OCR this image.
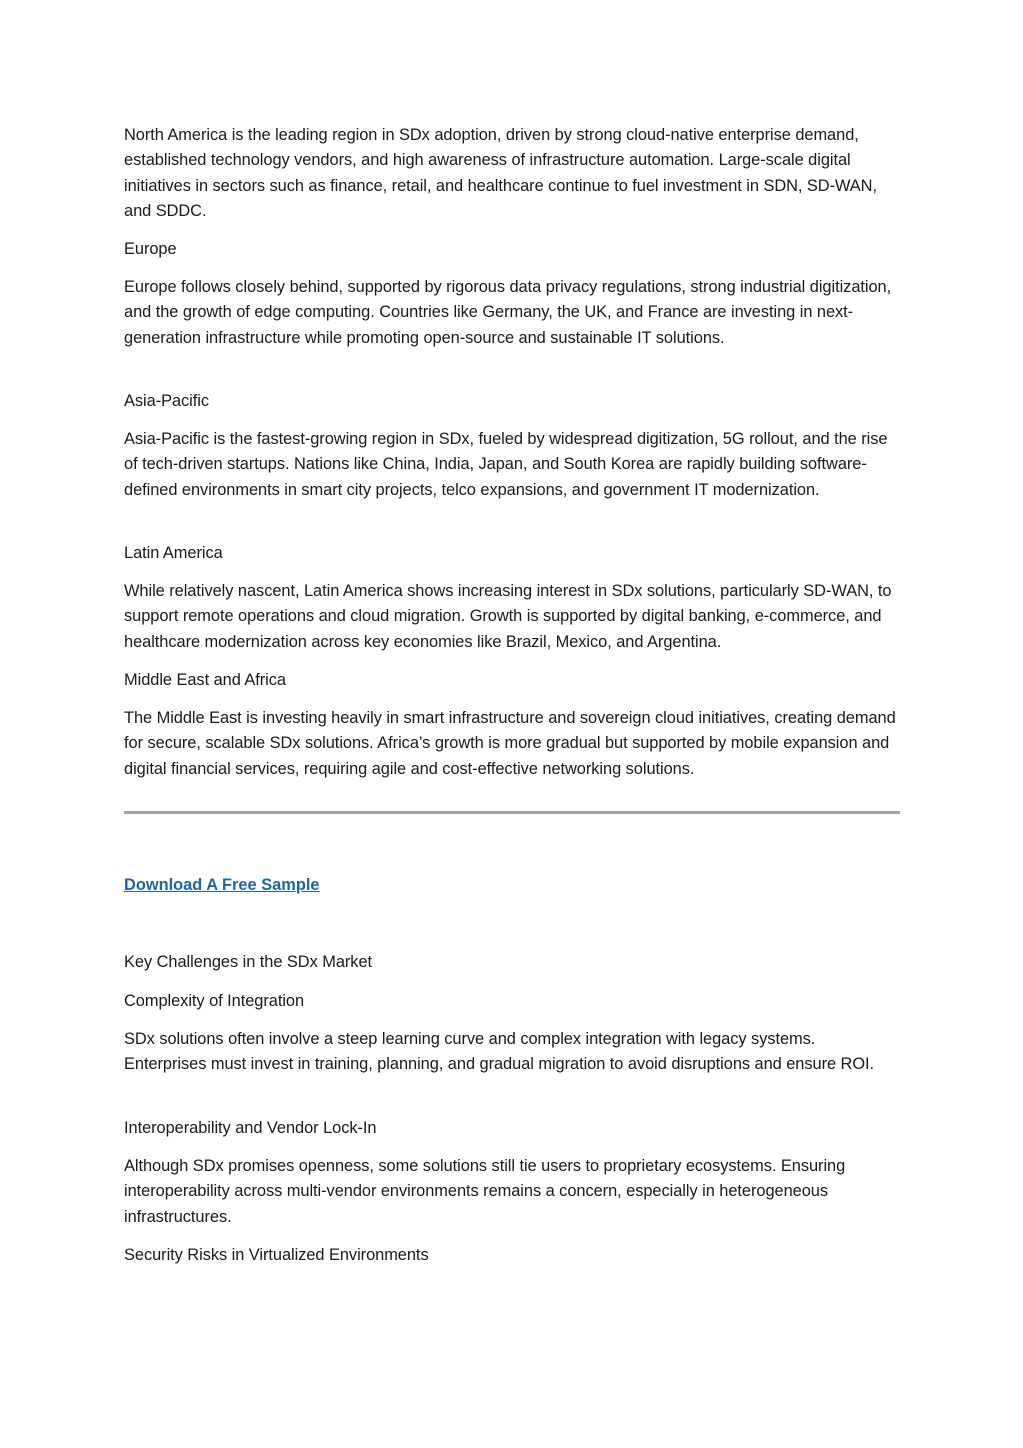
North America is the leading region in SDx adoption, driven by strong cloud-native enterprise demand, established technology vendors, and high awareness of infrastructure automation. Large-scale digital initiatives in sectors such as finance, retail, and healthcare continue to fuel investment in SDN, SD-WAN, and SDDC.

Europe

Europe follows closely behind, supported by rigorous data privacy regulations, strong industrial digitization, and the growth of edge computing. Countries like Germany, the UK, and France are investing in next-generation infrastructure while promoting open-source and sustainable IT solutions.

Asia-Pacific

Asia-Pacific is the fastest-growing region in SDx, fueled by widespread digitization, 5G rollout, and the rise of tech-driven startups. Nations like China, India, Japan, and South Korea are rapidly building software-defined environments in smart city projects, telco expansions, and government IT modernization.

Latin America

While relatively nascent, Latin America shows increasing interest in SDx solutions, particularly SD-WAN, to support remote operations and cloud migration. Growth is supported by digital banking, e-commerce, and healthcare modernization across key economies like Brazil, Mexico, and Argentina.

Middle East and Africa

The Middle East is investing heavily in smart infrastructure and sovereign cloud initiatives, creating demand for secure, scalable SDx solutions. Africa’s growth is more gradual but supported by mobile expansion and digital financial services, requiring agile and cost-effective networking solutions.

Download A Free Sample

Key Challenges in the SDx Market

Complexity of Integration

SDx solutions often involve a steep learning curve and complex integration with legacy systems. Enterprises must invest in training, planning, and gradual migration to avoid disruptions and ensure ROI.

Interoperability and Vendor Lock-In

Although SDx promises openness, some solutions still tie users to proprietary ecosystems. Ensuring interoperability across multi-vendor environments remains a concern, especially in heterogeneous infrastructures.

Security Risks in Virtualized Environments
